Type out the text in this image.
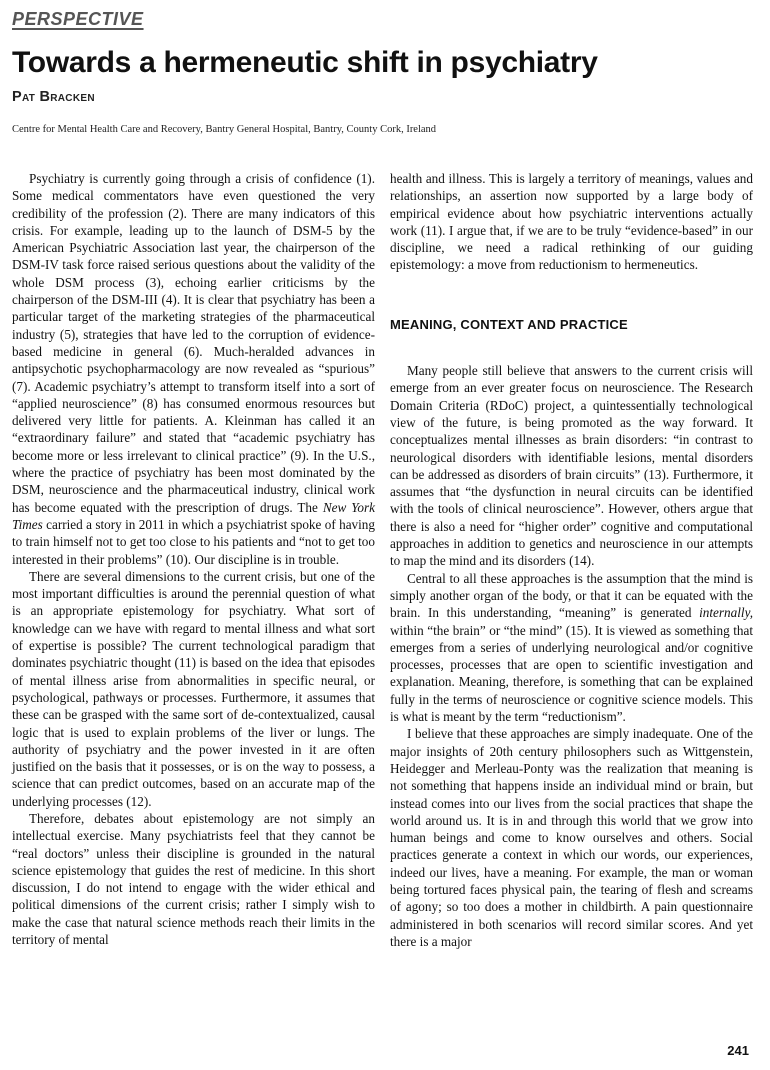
PERSPECTIVE
Towards a hermeneutic shift in psychiatry
Pat Bracken
Centre for Mental Health Care and Recovery, Bantry General Hospital, Bantry, County Cork, Ireland

Psychiatry is currently going through a crisis of confidence (1). Some medical commentators have even questioned the very credibility of the profession (2). There are many indicators of this crisis. For example, leading up to the launch of DSM-5 by the American Psychiatric Association last year, the chairperson of the DSM-IV task force raised serious questions about the validity of the whole DSM process (3), echoing earlier criticisms by the chairperson of the DSM-III (4). It is clear that psychiatry has been a particular target of the marketing strategies of the pharmaceutical industry (5), strategies that have led to the corruption of evidence-based medicine in general (6). Much-heralded advances in antipsychotic psychopharmacology are now revealed as “spurious” (7). Academic psychiatry’s attempt to transform itself into a sort of “applied neuroscience” (8) has consumed enormous resources but delivered very little for patients. A. Kleinman has called it an “extraordinary failure” and stated that “academic psychiatry has become more or less irrelevant to clinical practice” (9). In the U.S., where the practice of psychiatry has been most dominated by the DSM, neuroscience and the pharmaceutical industry, clinical work has become equated with the prescription of drugs. The New York Times carried a story in 2011 in which a psychiatrist spoke of having to train himself not to get too close to his patients and “not to get too interested in their problems” (10). Our discipline is in trouble.

There are several dimensions to the current crisis, but one of the most important difficulties is around the perennial question of what is an appropriate epistemology for psychiatry. What sort of knowledge can we have with regard to mental illness and what sort of expertise is possible? The current technological paradigm that dominates psychiatric thought (11) is based on the idea that episodes of mental illness arise from abnormalities in specific neural, or psychological, pathways or processes. Furthermore, it assumes that these can be grasped with the same sort of de-contextualized, causal logic that is used to explain problems of the liver or lungs. The authority of psychiatry and the power invested in it are often justified on the basis that it possesses, or is on the way to possess, a science that can predict outcomes, based on an accurate map of the underlying processes (12).

Therefore, debates about epistemology are not simply an intellectual exercise. Many psychiatrists feel that they cannot be “real doctors” unless their discipline is grounded in the natural science epistemology that guides the rest of medicine. In this short discussion, I do not intend to engage with the wider ethical and political dimensions of the current crisis; rather I simply wish to make the case that natural science methods reach their limits in the territory of mental

health and illness. This is largely a territory of meanings, values and relationships, an assertion now supported by a large body of empirical evidence about how psychiatric interventions actually work (11). I argue that, if we are to be truly “evidence-based” in our discipline, we need a radical rethinking of our guiding epistemology: a move from reductionism to hermeneutics.

MEANING, CONTEXT AND PRACTICE

Many people still believe that answers to the current crisis will emerge from an ever greater focus on neuroscience. The Research Domain Criteria (RDoC) project, a quintessentially technological view of the future, is being promoted as the way forward. It conceptualizes mental illnesses as brain disorders: “in contrast to neurological disorders with identifiable lesions, mental disorders can be addressed as disorders of brain circuits” (13). Furthermore, it assumes that “the dysfunction in neural circuits can be identified with the tools of clinical neuroscience”. However, others argue that there is also a need for “higher order” cognitive and computational approaches in addition to genetics and neuroscience in our attempts to map the mind and its disorders (14).

Central to all these approaches is the assumption that the mind is simply another organ of the body, or that it can be equated with the brain. In this understanding, “meaning” is generated internally, within “the brain” or “the mind” (15). It is viewed as something that emerges from a series of underlying neurological and/or cognitive processes, processes that are open to scientific investigation and explanation. Meaning, therefore, is something that can be explained fully in the terms of neuroscience or cognitive science models. This is what is meant by the term “reductionism”.

I believe that these approaches are simply inadequate. One of the major insights of 20th century philosophers such as Wittgenstein, Heidegger and Merleau-Ponty was the realization that meaning is not something that happens inside an individual mind or brain, but instead comes into our lives from the social practices that shape the world around us. It is in and through this world that we grow into human beings and come to know ourselves and others. Social practices generate a context in which our words, our experiences, indeed our lives, have a meaning. For example, the man or woman being tortured faces physical pain, the tearing of flesh and screams of agony; so too does a mother in childbirth. A pain questionnaire administered in both scenarios will record similar scores. And yet there is a major

241
